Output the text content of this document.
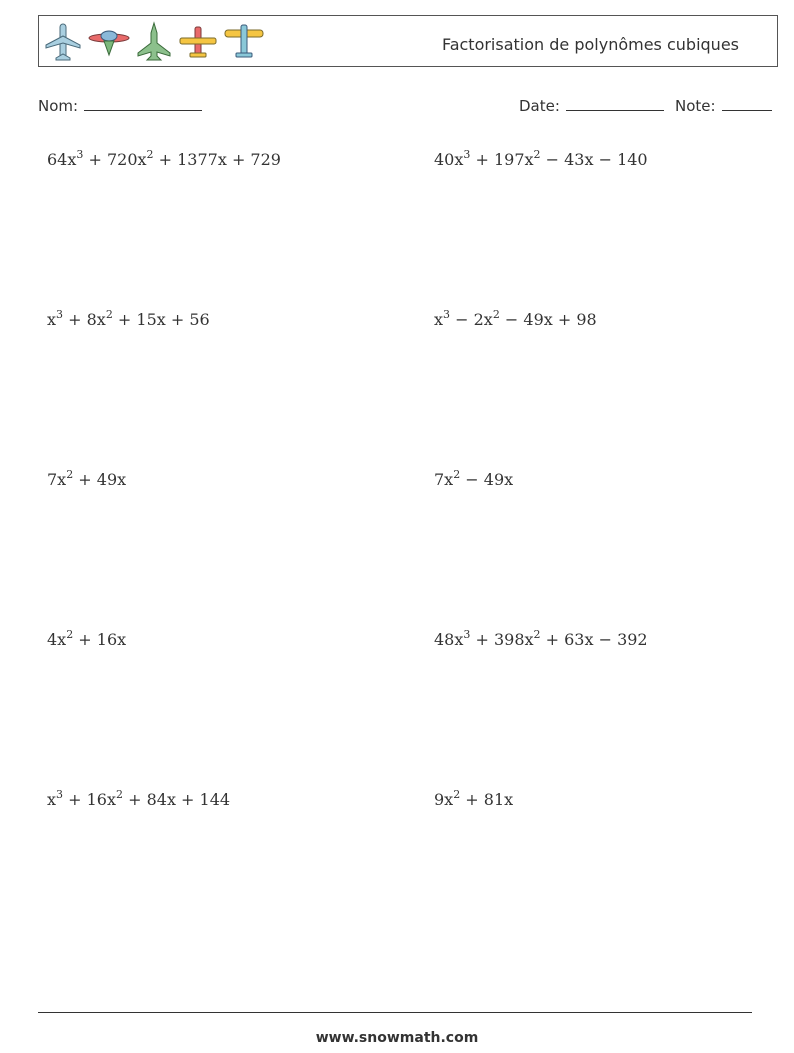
Factorisation de polynômes cubiques
Nom:	Date:	Note:
$64x^3 + 720x^2 + 1377x + 729$	$40x^3 + 197x^2 - 43x - 140$
$x^3 + 8x^2 + 15x + 56$	$x^3 - 2x^2 - 49x + 98$
$7x^2 + 49x$	$7x^2 - 49x$
$4x^2 + 16x$	$48x^3 + 398x^2 + 63x - 392$
$x^3 + 16x^2 + 84x + 144$	$9x^2 + 81x$
www.snowmath.com
